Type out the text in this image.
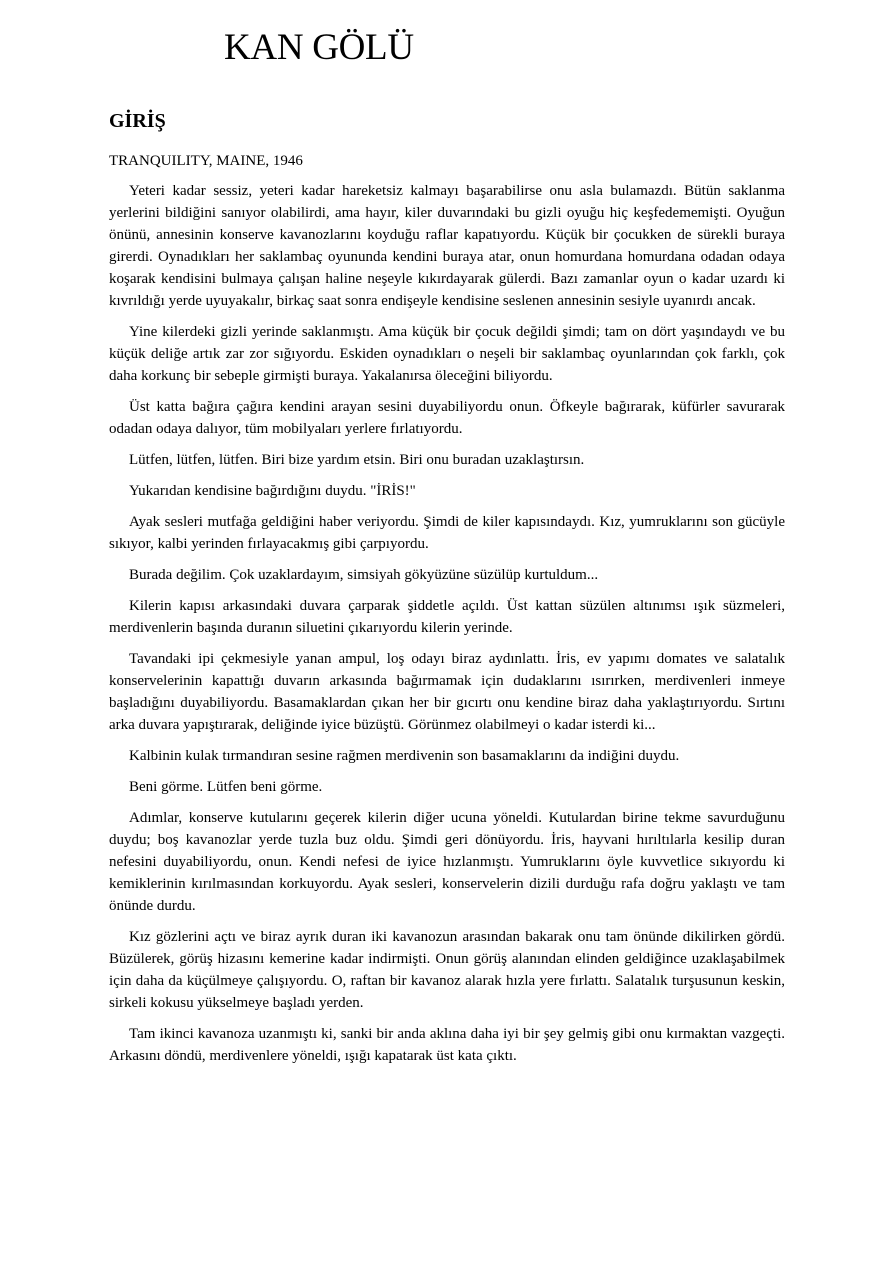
KAN GÖLÜ
GİRİŞ

TRANQUILITY, MAINE, 1946

Yeteri kadar sessiz, yeteri kadar hareketsiz kalmayı başarabilirse onu asla bulamazdı. Bütün saklanma yerlerini bildiğini sanıyor olabilirdi, ama hayır, kiler duvarındaki bu gizli oyuğu hiç keşfedememişti. Oyuğun önünü, annesinin konserve kavanozlarını koyduğu raflar kapatıyordu. Küçük bir çocukken de sürekli buraya girerdi. Oynadıkları her saklambaç oyununda kendini buraya atar, onun homurdana homurdana odadan odaya koşarak kendisini bulmaya çalışan haline neşeyle kıkırdayarak gülerdi. Bazı zamanlar oyun o kadar uzardı ki kıvrıldığı yerde uyuyakalır, birkaç saat sonra endişeyle kendisine seslenen annesinin sesiyle uyanırdı ancak.

Yine kilerdeki gizli yerinde saklanmıştı. Ama küçük bir çocuk değildi şimdi; tam on dört yaşındaydı ve bu küçük deliğe artık zar zor sığıyordu. Eskiden oynadıkları o neşeli bir saklambaç oyunlarından çok farklı, çok daha korkunç bir sebeple girmişti buraya. Yakalanırsa öleceğini biliyordu.

Üst katta bağıra çağıra kendini arayan sesini duyabiliyordu onun. Öfkeyle bağırarak, küfürler savurarak odadan odaya dalıyor, tüm mobilyaları yerlere fırlatıyordu.

Lütfen, lütfen, lütfen. Biri bize yardım etsin. Biri onu buradan uzaklaştırsın.

Yukarıdan kendisine bağırdığını duydu. "İRİS!"

Ayak sesleri mutfağa geldiğini haber veriyordu. Şimdi de kiler kapısındaydı. Kız, yumruklarını son gücüyle sıkıyor, kalbi yerinden fırlayacakmış gibi çarpıyordu.

Burada değilim. Çok uzaklardayım, simsiyah gökyüzüne süzülüp kurtuldum...

Kilerin kapısı arkasındaki duvara çarparak şiddetle açıldı. Üst kattan süzülen altınımsı ışık süzmeleri, merdivenlerin başında duranın siluetini çıkarıyordu kilerin yerinde.

Tavandaki ipi çekmesiyle yanan ampul, loş odayı biraz aydınlattı. İris, ev yapımı domates ve salatalık konservelerinin kapattığı duvarın arkasında bağırmamak için dudaklarını ısırırken, merdivenleri inmeye başladığını duyabiliyordu. Basamaklardan çıkan her bir gıcırtı onu kendine biraz daha yaklaştırıyordu. Sırtını arka duvara yapıştırarak, deliğinde iyice büzüştü. Görünmez olabilmeyi o kadar isterdi ki...

Kalbinin kulak tırmandıran sesine rağmen merdivenin son basamaklarını da indiğini duydu.

Beni görme. Lütfen beni görme.

Adımlar, konserve kutularını geçerek kilerin diğer ucuna yöneldi. Kutulardan birine tekme savurduğunu duydu; boş kavanozlar yerde tuzla buz oldu. Şimdi geri dönüyordu. İris, hayvani hırıltılarla kesilip duran nefesini duyabiliyordu, onun. Kendi nefesi de iyice hızlanmıştı. Yumruklarını öyle kuvvetlice sıkıyordu ki kemiklerinin kırılmasından korkuyordu. Ayak sesleri, konservelerin dizili durduğu rafa doğru yaklaştı ve tam önünde durdu.

Kız gözlerini açtı ve biraz ayrık duran iki kavanozun arasından bakarak onu tam önünde dikilirken gördü. Büzülerek, görüş hizasını kemerine kadar indirmişti. Onun görüş alanından elinden geldiğince uzaklaşabilmek için daha da küçülmeye çalışıyordu. O, raftan bir kavanoz alarak hızla yere fırlattı. Salatalık turşusunun keskin, sirkeli kokusu yükselmeye başladı yerden.

Tam ikinci kavanoza uzanmıştı ki, sanki bir anda aklına daha iyi bir şey gelmiş gibi onu kırmaktan vazgeçti. Arkasını döndü, merdivenlere yöneldi, ışığı kapatarak üst kata çıktı.
